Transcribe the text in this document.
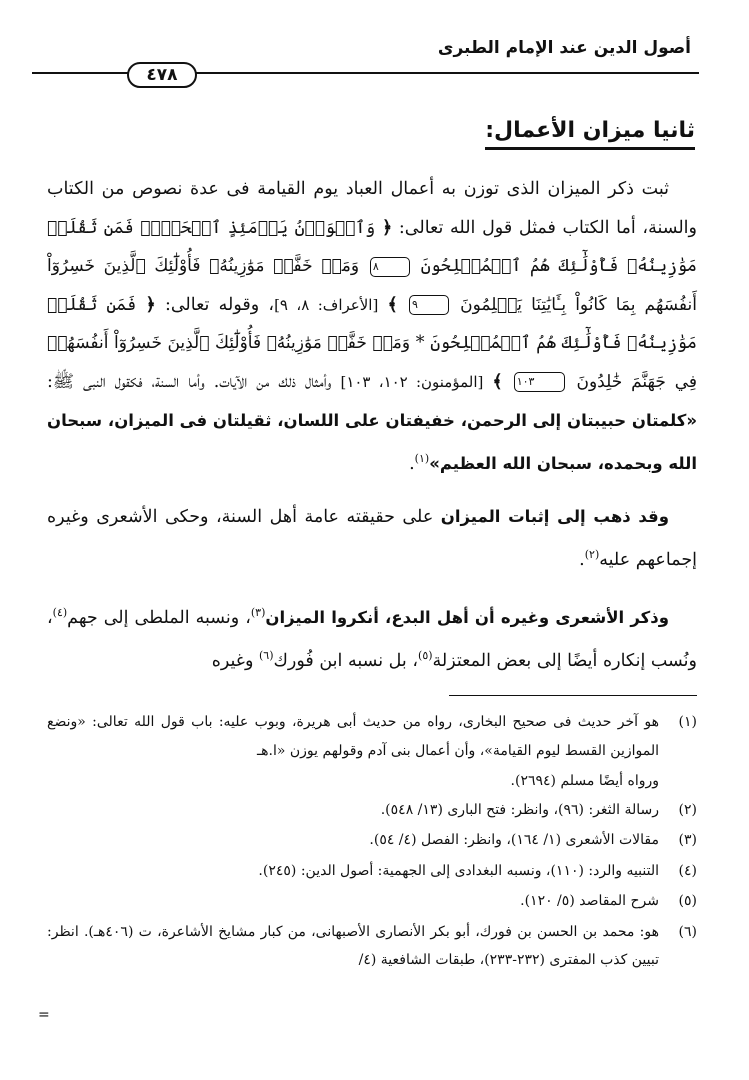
أصول الدين عند الإمام الطبرى
٤٧٨
ثانيا ميزان الأعمال:

ثبت ذكر الميزان الذى توزن به أعمال العباد يوم القيامة فى عدة نصوص من الكتاب والسنة، أما الكتاب فمثل قول الله تعالى: ﴿ وَٱلۡوَزۡنُ يَوۡمَئِذٍ ٱلۡحَقُّۚ فَمَن ثَقُلَتۡ مَوَٰزِينُهُۥ فَأُوْلَٰٓئِكَ هُمُ ٱلۡمُفۡلِحُونَ ٨ وَمَنۡ خَفَّتۡ مَوَٰزِينُهُۥ فَأُوْلَٰٓئِكَ ٱلَّذِينَ خَسِرُوٓاْ أَنفُسَهُم بِمَا كَانُواْ بِـَٔايَٰتِنَا يَظۡلِمُونَ ٩ ﴾ [الأعراف: ٨، ٩]، وقوله تعالى: ﴿ فَمَن ثَقُلَتۡ مَوَٰزِينُهُۥ فَأُوْلَٰٓئِكَ هُمُ ٱلۡمُفۡلِحُونَ * وَمَنۡ خَفَّتۡ مَوَٰزِينُهُۥ فَأُوْلَٰٓئِكَ ٱلَّذِينَ خَسِرُوٓاْ أَنفُسَهُمۡ فِي جَهَنَّمَ خَٰلِدُونَ ١٠٣ ﴾ [المؤمنون: ١٠٢، ١٠٣] وأمثال ذلك من الآيات. وأما السنة، فكقول النبى ﷺ: «كلمتان حبيبتان إلى الرحمن، خفيفتان على اللسان، ثقيلتان فى الميزان، سبحان الله وبحمده، سبحان الله العظيم»$^{(١)}$.

وقد ذهب إلى إثبات الميزان على حقيقته عامة أهل السنة، وحكى الأشعرى وغيره إجماعهم عليه$^{(٢)}$.

وذكر الأشعرى وغيره أن أهل البدع، أنكروا الميزان$^{(٣)}$، ونسبه الملطى إلى جهم$^{(٤)}$، ونُسب إنكاره أيضًا إلى بعض المعتزلة$^{(٥)}$، بل نسبه ابن فُورك$^{(٦)}$ وغيره

(١)
هو آخر حديث فى صحيح البخارى، رواه من حديث أبى هريرة، وبوب عليه: باب قول الله تعالى: «ونضع الموازين القسط ليوم القيامة»، وأن أعمال بنى آدم وقولهم يوزن «ا.هـ
ورواه أيضًا مسلم (٢٦٩٤).
(٢)
رسالة الثغر: (٩٦)، وانظر: فتح البارى (١٣/ ٥٤٨).
(٣)
مقالات الأشعرى (١/ ١٦٤)، وانظر: الفصل (٤/ ٥٤).
(٤)
التنبيه والرد: (١١٠)، ونسبه البغدادى إلى الجهمية: أصول الدين: (٢٤٥).
(٥)
شرح المقاصد (٥/ ١٢٠).
(٦)
هو: محمد بن الحسن بن فورك، أبو بكر الأنصارى الأصبهانى، من كبار مشايخ الأشاعرة، ت (٤٠٦هـ). انظر: تبيين كذب المفترى (٢٣٢-٢٣٣)، طبقات الشافعية (٤/
=
